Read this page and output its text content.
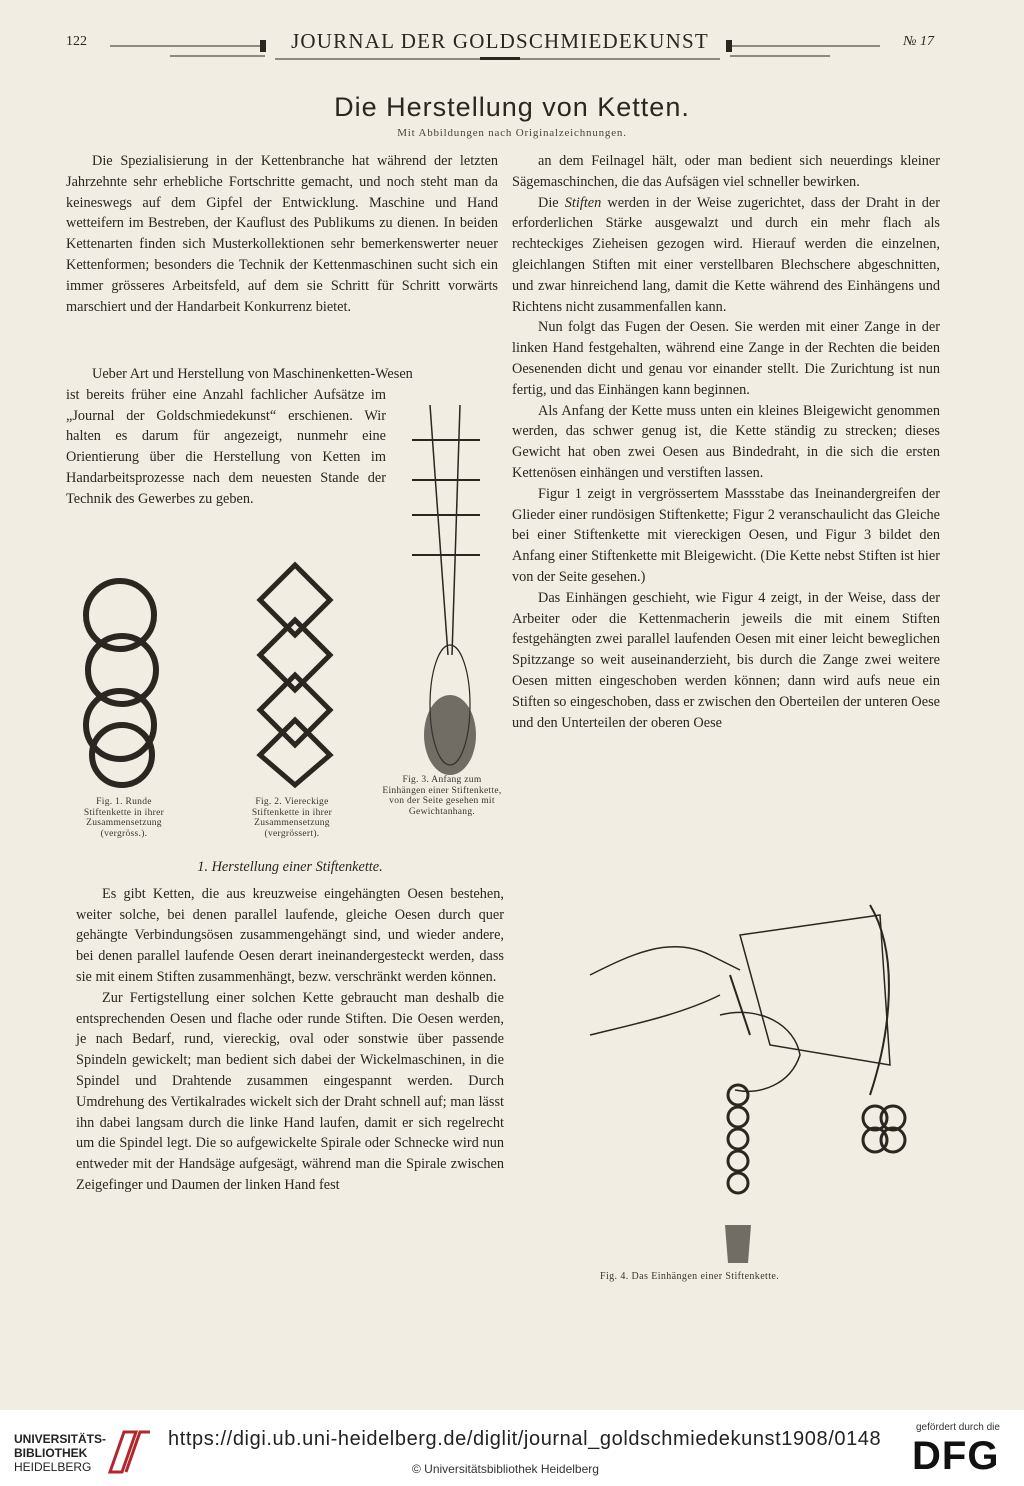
122	JOURNAL DER GOLDSCHMIEDEKUNST	№ 17
Die Herstellung von Ketten.
Mit Abbildungen nach Originalzeichnungen.

Die Spezialisierung in der Kettenbranche hat während der letzten Jahrzehnte sehr erhebliche Fortschritte gemacht, und noch steht man da keineswegs auf dem Gipfel der Entwicklung. Maschine und Hand wetteifern im Bestreben, der Kauflust des Publikums zu dienen. In beiden Kettenarten finden sich Musterkollektionen sehr bemerkenswerter neuer Kettenformen; besonders die Technik der Kettenmaschinen sucht sich ein immer grösseres Arbeitsfeld, auf dem sie Schritt für Schritt vorwärts marschiert und der Handarbeit Konkurrenz bietet.

Ueber Art und Herstellung von Maschinenketten-Wesen

ist bereits früher eine Anzahl fachlicher Aufsätze im „Journal der Goldschmiedekunst“ erschienen. Wir halten es darum für angezeigt, nunmehr eine Orientierung über die Herstellung von Ketten im Handarbeitsprozesse nach dem neuesten Stande der Technik des Gewerbes zu geben.
Fig. 1. Runde Stiftenkette in ihrer Zusammensetzung (vergröss.).
Fig. 2. Viereckige Stiftenkette in ihrer Zusammensetzung (vergrössert).
Fig. 3. Anfang zum Einhängen einer Stiftenkette, von der Seite gesehen mit Gewichtanhang.

1. Herstellung einer Stiftenkette.

Es gibt Ketten, die aus kreuzweise eingehängten Oesen bestehen, weiter solche, bei denen parallel laufende, gleiche Oesen durch quer gehängte Verbindungsösen zusammengehängt sind, und wieder andere, bei denen parallel laufende Oesen derart ineinandergesteckt werden, dass sie mit einem Stiften zusammenhängt, bezw. verschränkt werden können.

Zur Fertigstellung einer solchen Kette gebraucht man deshalb die entsprechenden Oesen und flache oder runde Stiften. Die Oesen werden, je nach Bedarf, rund, viereckig, oval oder sonstwie über passende Spindeln gewickelt; man bedient sich dabei der Wickelmaschinen, in die Spindel und Drahtende zusammen eingespannt werden. Durch Umdrehung des Vertikalrades wickelt sich der Draht schnell auf; man lässt ihn dabei langsam durch die linke Hand laufen, damit er sich regelrecht um die Spindel legt. Die so aufgewickelte Spirale oder Schnecke wird nun entweder mit der Handsäge aufgesägt, während man die Spirale zwischen Zeigefinger und Daumen der linken Hand fest

an dem Feilnagel hält, oder man bedient sich neuerdings kleiner Sägemaschinchen, die das Aufsägen viel schneller bewirken.

Die Stiften werden in der Weise zugerichtet, dass der Draht in der erforderlichen Stärke ausgewalzt und durch ein mehr flach als rechteckiges Zieheisen gezogen wird. Hierauf werden die einzelnen, gleichlangen Stiften mit einer verstellbaren Blechschere abgeschnitten, und zwar hinreichend lang, damit die Kette während des Einhängens und Richtens nicht zusammenfallen kann.

Nun folgt das Fugen der Oesen. Sie werden mit einer Zange in der linken Hand festgehalten, während eine Zange in der Rechten die beiden Oesenenden dicht und genau vor einander stellt. Die Zurichtung ist nun fertig, und das Einhängen kann beginnen.

Als Anfang der Kette muss unten ein kleines Bleigewicht genommen werden, das schwer genug ist, die Kette ständig zu strecken; dieses Gewicht hat oben zwei Oesen aus Bindedraht, in die sich die ersten Kettenösen einhängen und verstiften lassen.

Figur 1 zeigt in vergrössertem Massstabe das Ineinandergreifen der Glieder einer rundösigen Stiftenkette; Figur 2 veranschaulicht das Gleiche bei einer Stiftenkette mit viereckigen Oesen, und Figur 3 bildet den Anfang einer Stiftenkette mit Bleigewicht. (Die Kette nebst Stiften ist hier von der Seite gesehen.)

Das Einhängen geschieht, wie Figur 4 zeigt, in der Weise, dass der Arbeiter oder die Kettenmacherin jeweils die mit einem Stiften festgehängten zwei parallel laufenden Oesen mit einer leicht beweglichen Spitzzange so weit auseinanderzieht, bis durch die Zange zwei weitere Oesen mitten eingeschoben werden können; dann wird aufs neue ein Stiften so eingeschoben, dass er zwischen den Oberteilen der unteren Oese und den Unterteilen der oberen Oese

Fig. 4. Das Einhängen einer Stiftenkette.
UNIVERSITÄTS-
BIBLIOTHEK
HEIDELBERG
https://digi.ub.uni-heidelberg.de/diglit/journal_goldschmiedekunst1908/0148
© Universitätsbibliothek Heidelberg
gefördert durch die
DFG
